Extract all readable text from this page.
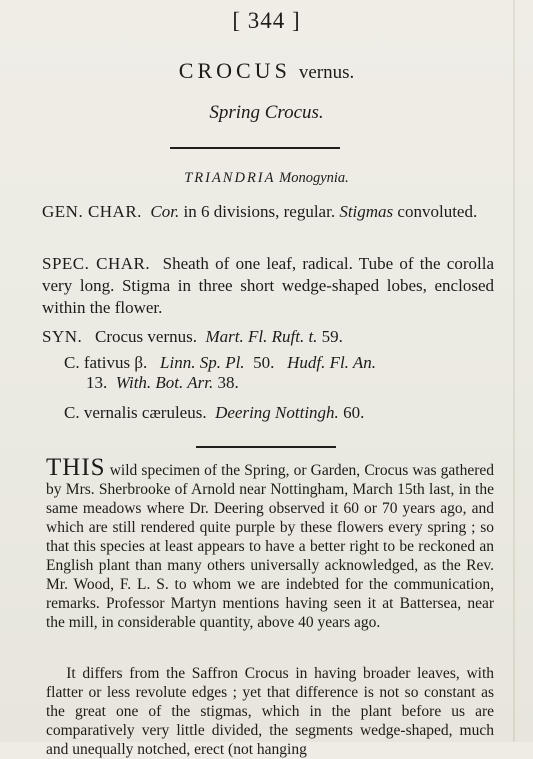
[ 344 ]
CROCUS vernus.
Spring Crocus.
TRIANDRIA Monogynia.
GEN. CHAR. Cor. in 6 divisions, regular. Stigmas convoluted.
SPEC. CHAR. Sheath of one leaf, radical. Tube of the corolla very long. Stigma in three short wedge-shaped lobes, enclosed within the flower.
SYN. Crocus vernus. Mart. Fl. Ruft. t. 59.
C. fativus β. Linn. Sp. Pl. 50. Hudf. Fl. An.
13. With. Bot. Arr. 38.
C. vernalis cæruleus. Deering Nottingh. 60.
THIS wild specimen of the Spring, or Garden, Crocus was gathered by Mrs. Sherbrooke of Arnold near Nottingham, March 15th last, in the same meadows where Dr. Deering observed it 60 or 70 years ago, and which are still rendered quite purple by these flowers every spring ; so that this species at least appears to have a better right to be reckoned an English plant than many others universally acknowledged, as the Rev. Mr. Wood, F. L. S. to whom we are indebted for the communication, remarks. Professor Martyn mentions having seen it at Battersea, near the mill, in considerable quantity, above 40 years ago.
It differs from the Saffron Crocus in having broader leaves, with flatter or less revolute edges ; yet that difference is not so constant as the great one of the stigmas, which in the plant before us are comparatively very little divided, the segments wedge-shaped, much and unequally notched, erect (not hanging
